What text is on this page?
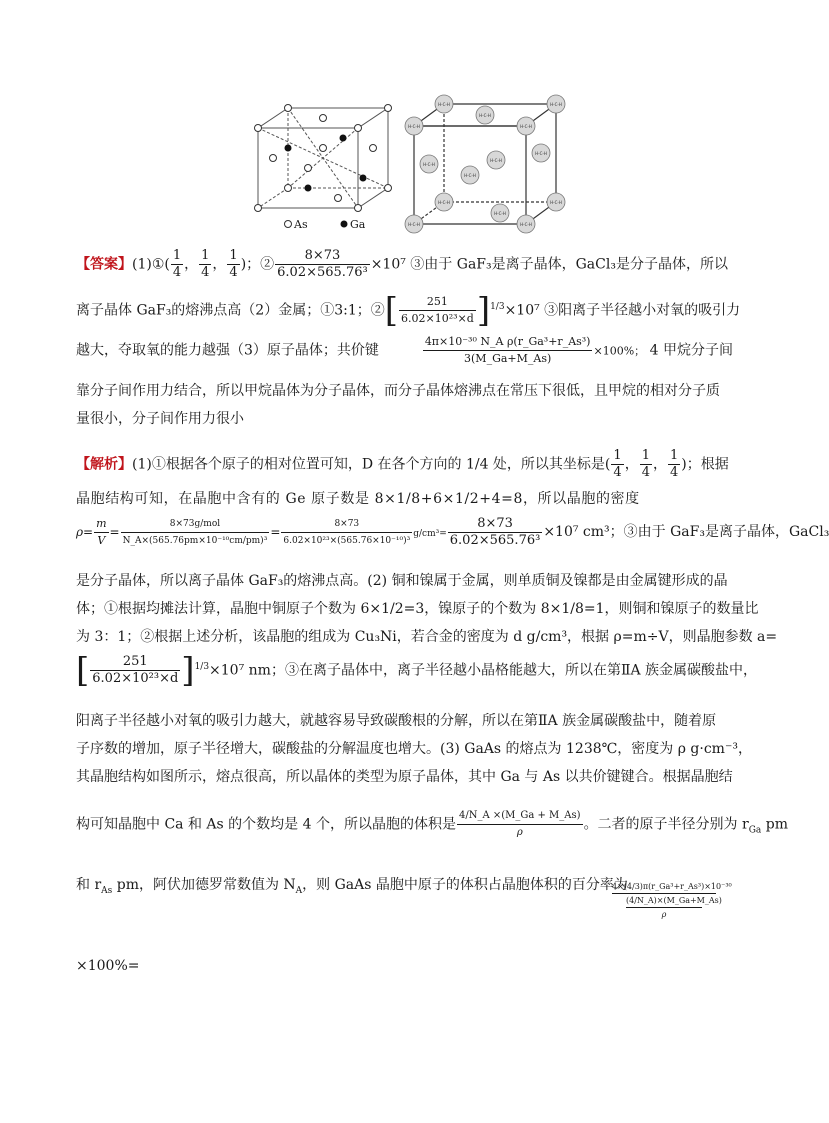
As	Ga
H-C-H	H-C-H
H-C-H
H-C-H
H-C-H	H-C-H
H-C-H
H-C-H
H-C-H
H-C-H
H-C-H
H-C-H
H-C-H
H-C-H
【答案】(1)①( $\frac{1}{4}$ ， $\frac{1}{4}$ ， $\frac{1}{4}$ )；② $\frac{8\times 73}{\text{6.02×565.76³}} \times 10^7$ ③由于 GaF₃是离子晶体，GaCl₃是分子晶体，所以
离子晶体 GaF₃的熔沸点高（2）金属；①3:1；②[ $\frac{251}{\text{6.02×10²³×d}} ]^{1/3}\times 10^7$ ③阳离子半径越小对氧的吸引力
越大，夺取氧的能力越强（3）原子晶体；共价键	$\frac{\text{4π×10⁻³⁰ N\_A ρ(r\_Ga³+r\_As³)}}{3(M\_Ga+M\_As)} \times 100\%$； 4 甲烷分子间
靠分子间作用力结合，所以甲烷晶体为分子晶体，而分子晶体熔沸点在常压下很低，且甲烷的相对分子质
量很小，分子间作用力很小
【解析】(1)①根据各个原子的相对位置可知，D 在各个方向的 1/4 处，所以其坐标是( $\frac{1}{4}$ ， $\frac{1}{4}$ ， $\frac{1}{4}$ )；根据
晶胞结构可知，在晶胞中含有的 Ge 原子数是 8×1/8+6×1/2+4=8，所以晶胞的密度
$\rho= \frac{m}{V} = \frac{\text{8×73g/mol}}{\text{N\_A×(565.76pm×10⁻¹⁰cm/pm)³}} = \frac{8\times 73}{\text{6.02×10²³×(565.76×10⁻¹⁰)³}} g/cm^3= \frac{8\times 73}{\text{6.02×565.76³}} \times 10^7$ cm³；③由于 GaF₃是离子晶体，GaCl₃
是分子晶体，所以离子晶体 GaF₃的熔沸点高。(2) 铜和镍属于金属，则单质铜及镍都是由金属键形成的晶
体；①根据均摊法计算，晶胞中铜原子个数为 6×1/2=3，镍原子的个数为 8×1/8=1，则铜和镍原子的数量比
为 3：1；②根据上述分析，该晶胞的组成为 Cu₃Ni，若合金的密度为 d g/cm³，根据 ρ=m÷V，则晶胞参数 a=
[ $\frac{251}{\text{6.02×10²³×d}} ]^{1/3}\times 10^7$ nm；③在离子晶体中，离子半径越小晶格能越大，所以在第ⅡA 族金属碳酸盐中，
阳离子半径越小对氧的吸引力越大，就越容易导致碳酸根的分解，所以在第ⅡA 族金属碳酸盐中，随着原
子序数的增加，原子半径增大，碳酸盐的分解温度也增大。(3) GaAs 的熔点为 1238℃，密度为 ρ g·cm⁻³，
其晶胞结构如图所示，熔点很高，所以晶体的类型为原子晶体，其中 Ga 与 As 以共价键键合。根据晶胞结
构可知晶胞中 Ca 和 As 的个数均是 4 个，所以晶胞的体积是 $\frac{4/N\_A \times(M\_Ga + M\_As)}{\rho}$ 。二者的原子半径分别为 $r_{Ga}$ pm
和 $r_{As}$ pm，阿伏加德罗常数值为 $N_A$，则 GaAs 晶胞中原子的体积占晶胞体积的百分率为
4×(4/3)π(r_Ga³+r_As³)×10⁻³⁰
(4/N_A)×(M_Ga+M_As)
ρ
×100%=
